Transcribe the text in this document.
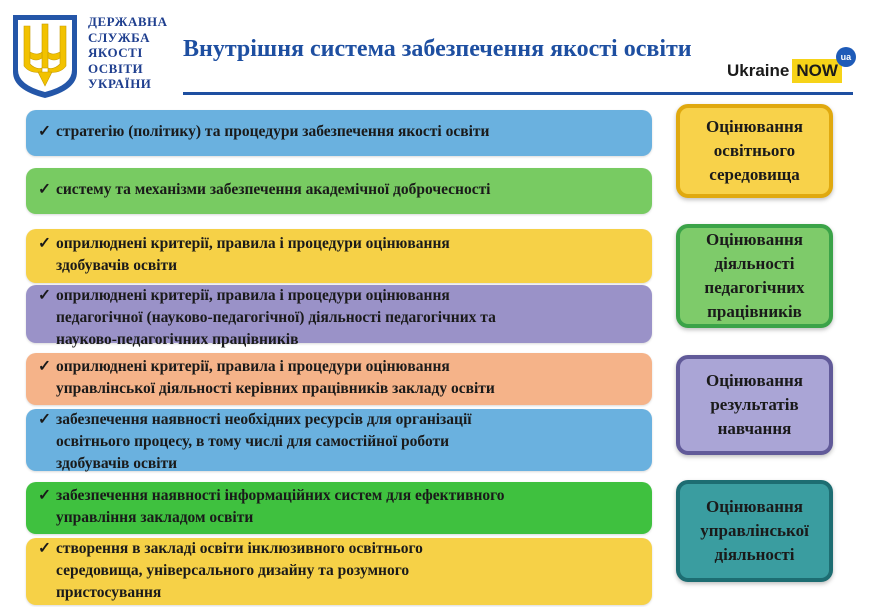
ДЕРЖАВНА
СЛУЖБА
ЯКОСТІ
ОСВІТИ
УКРАЇНИ
Внутрішня система забезпечення якості освіти
Ukraine NOW
ua
✓ стратегію (політику) та процедури забезпечення якості освіти
✓ систему та механізми забезпечення академічної доброчесності
✓ оприлюднені критерії, правила і процедури оцінювання
здобувачів освіти
✓ оприлюднені критерії, правила і процедури оцінювання
педагогічної (науково-педагогічної) діяльності педагогічних та
науково-педагогічних працівників
✓ оприлюднені критерії, правила і процедури оцінювання
управлінської діяльності керівних працівників закладу освіти
✓ забезпечення наявності необхідних ресурсів для організації
освітнього процесу, в тому числі для самостійної роботи
здобувачів освіти
✓ забезпечення наявності інформаційних систем для ефективного
управління закладом освіти
✓ створення в закладі освіти інклюзивного освітнього
середовища, універсального дизайну та розумного
пристосування
Оцінювання
освітнього
середовища
Оцінювання
діяльності
педагогічних
працівників
Оцінювання
результатів
навчання
Оцінювання
управлінської
діяльності
